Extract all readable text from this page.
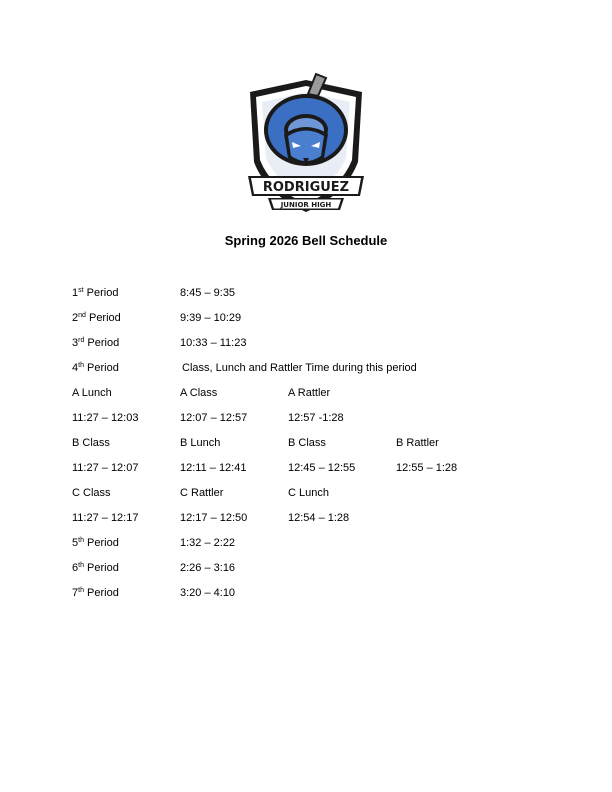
RODRIGUEZ
JUNIOR HIGH
Spring 2026 Bell Schedule
1st Period	8:45 – 9:35
2nd Period	9:39 – 10:29
3rd Period	10:33 – 11:23
4th Period	Class, Lunch and Rattler Time during this period
A Lunch	A Class	A Rattler
11:27 – 12:03	12:07 – 12:57	12:57 -1:28
B Class	B Lunch	B Class	B Rattler
11:27 – 12:07	12:11 – 12:41	12:45 – 12:55	12:55 – 1:28
C Class	C Rattler	C Lunch
11:27 – 12:17	12:17 – 12:50	12:54 – 1:28
5th Period	1:32 – 2:22
6th Period	2:26 – 3:16
7th Period	3:20 – 4:10
